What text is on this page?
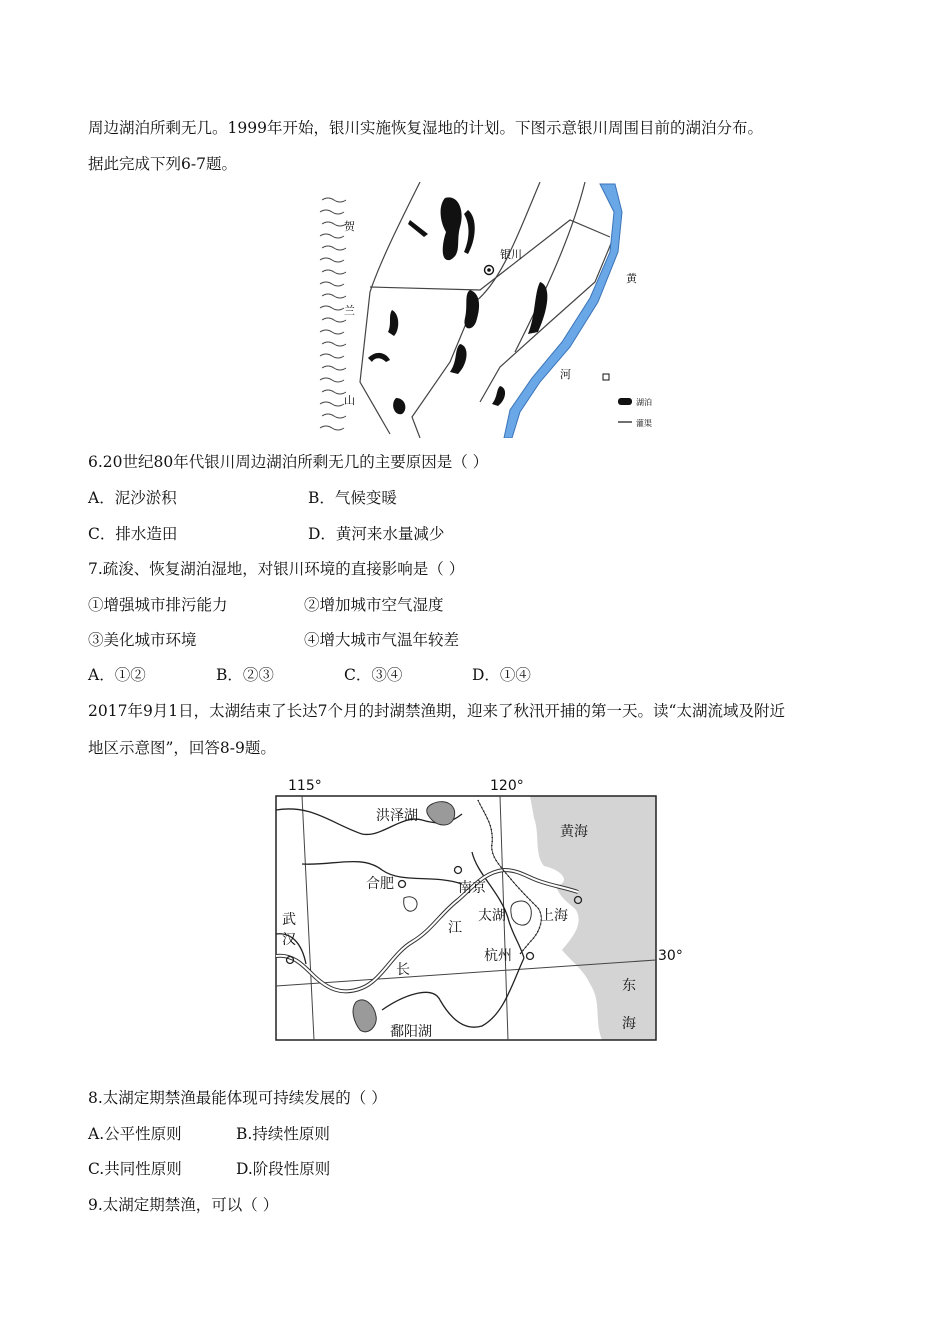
周边湖泊所剩无几。1999年开始，银川实施恢复湿地的计划。下图示意银川周围目前的湖泊分布。
据此完成下列6-7题。
贺
兰
山
银川
黄
河
湖泊
灌渠
6.20世纪80年代银川周边湖泊所剩无几的主要原因是（ ）
A．泥沙淤积	B．气候变暖
C．排水造田	D．黄河来水量减少
7.疏浚、恢复湖泊湿地，对银川环境的直接影响是（ ）
①增强城市排污能力	②增加城市空气湿度
③美化城市环境	④增大城市气温年较差
A．①②	B．②③	C．③④	D．①④
2017年9月1日，太湖结束了长达7个月的封湖禁渔期，迎来了秋汛开捕的第一天。读“太湖流域及附近
地区示意图”，回答8-9题。
115°	120°
30°
洪泽湖
黄海
合肥	南京
太湖 上海
江
武
汉
杭州
长
东
海
鄱阳湖
8.太湖定期禁渔最能体现可持续发展的（ ）
A.公平性原则	B.持续性原则
C.共同性原则	D.阶段性原则
9.太湖定期禁渔，可以（ ）
